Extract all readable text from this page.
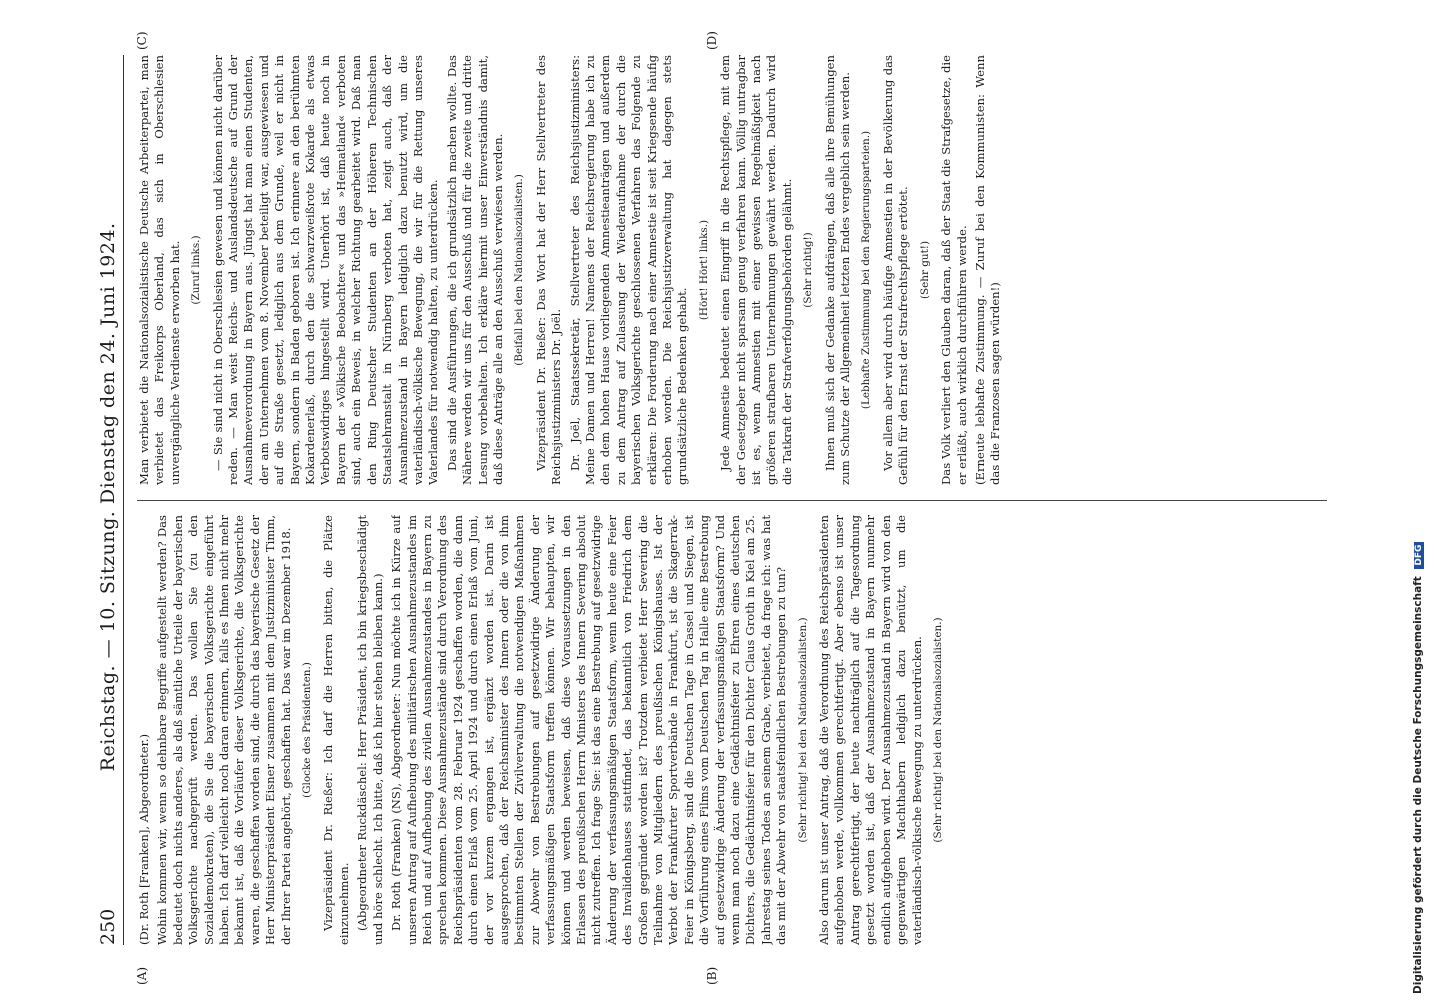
250
Reichstag. — 10. Sitzung. Dienstag den 24. Juni 1924.

(Dr. Roth [Franken], Abgeordneter.) Wohin kommen wir, wenn so dehnbare Begriffe aufgestellt werden? Das bedeutet doch nichts anderes, als daß sämtliche Urteile der bayerischen Volksgerichte nachgeprüft werden. Das wollen Sie (zu den Sozialdemokraten), die Sie die bayerischen Volksgerichte eingeführt haben. Ich darf vielleicht noch daran erinnern, falls es Ihnen nicht mehr bekannt ist, daß die Vorläufer dieser Volksgerichte, die Volksgerichte waren, die geschaffen worden sind, die durch das bayerische Gesetz der Herr Ministerpräsident Eisner zusammen mit dem Justizminister Timm, der Ihrer Partei angehört, geschaffen hat. Das war im Dezember 1918. (Glocke des Präsidenten.) Vizepräsident Dr. Rießer: Ich darf die Herren bitten, die Plätze einzunehmen. (Abgeordneter Ruckdäschel: Herr Präsident, ich bin kriegsbeschädigt und höre schlecht. Ich bitte, daß ich hier stehen bleiben kann.) Dr. Roth (Franken) (NS), Abgeordneter: Nun möchte ich in Kürze auf unseren Antrag auf Aufhebung des militärischen Ausnahmezustandes im Reich und auf Aufhebung des zivilen Ausnahmezustandes in Bayern zu sprechen kommen. Diese Ausnahmezustände sind durch Verordnung des Reichspräsidenten vom 28. Februar 1924 geschaffen worden, die dann durch einen Erlaß vom 25. April 1924 und durch einen Erlaß vom Juni, der vor kurzem ergangen ist, ergänzt worden ist. Darin ist ausgesprochen, daß der Reichsminister des Innern oder die von ihm bestimmten Stellen der Zivilverwaltung die notwendigen Maßnahmen zur Abwehr von Bestrebungen auf gesetzwidrige Änderung der verfassungsmäßigen Staatsform treffen können. Wir behaupten, wir können und werden beweisen, daß diese Voraussetzungen in den Erlassen des preußischen Herrn Ministers des Innern Severing absolut nicht zutreffen. Ich frage Sie: ist das eine Bestrebung auf gesetzwidrige Änderung der verfassungsmäßigen Staatsform, wenn heute eine Feier des Invalidenhauses stattfindet, das bekanntlich von Friedrich dem Großen gegründet worden ist? Trotzdem verbietet Herr Severing die Teilnahme von Mitgliedern des preußischen Königshauses. Ist der Verbot der Frankfurter Sportverbände in Frankfurt, ist die Skagerrak-Feier in Königsberg, sind die Deutschen Tage in Cassel und Siegen, ist die Vorführung eines Films vom Deutschen Tag in Halle eine Bestrebung auf gesetzwidrige Änderung der verfassungsmäßigen Staatsform? Und wenn man noch dazu eine Gedächtnisfeier zu Ehren eines deutschen Dichters, die Gedächtnisfeier für den Dichter Claus Groth in Kiel am 25. Jahrestag seines Todes an seinem Grabe, verbietet, da frage ich: was hat das mit der Abwehr von staatsfeindlichen Bestrebungen zu tun? (Sehr richtig! bei den Nationalsozialisten.) Also darum ist unser Antrag, daß die Verordnung des Reichspräsidenten aufgehoben werde, vollkommen gerechtfertigt. Aber ebenso ist unser Antrag gerechtfertigt, der heute nachträglich auf die Tagesordnung gesetzt worden ist, daß der Ausnahmezustand in Bayern nunmehr endlich aufgehoben wird. Der Ausnahmezustand in Bayern wird von den gegenwärtigen Machthabern lediglich dazu benützt, um die vaterländisch-völkische Bewegung zu unterdrücken. (Sehr richtig! bei den Nationalsozialisten.)

Man verbietet die Nationalsozialistische Deutsche Arbeiterpartei, man verbietet das Freikorps Oberland, das sich in Oberschlesien unvergängliche Verdienste erworben hat. (Zuruf links.) — Sie sind nicht in Oberschlesien gewesen und können nicht darüber reden. — Man weist Reichs- und Auslandsdeutsche auf Grund der Ausnahmeverordnung in Bayern aus. Jüngst hat man einen Studenten, der am Unternehmen vom 8. November beteiligt war, ausgewiesen und auf die Straße gesetzt, lediglich aus dem Grunde, weil er nicht in Bayern, sondern in Baden geboren ist. Ich erinnere an den berühmten Kokardenerlaß, durch den die schwarzweißrote Kokarde als etwas Verbotswidriges hingestellt wird. Unerhört ist, daß heute noch in Bayern der »Völkische Beobachter« und das »Heimatland« verboten sind, auch ein Beweis, in welcher Richtung gearbeitet wird. Daß man den Ring Deutscher Studenten an der Höheren Technischen Staatslehranstalt in Nürnberg verboten hat, zeigt auch, daß der Ausnahmezustand in Bayern lediglich dazu benutzt wird, um die vaterländisch-völkische Bewegung, die wir für die Rettung unseres Vaterlandes für notwendig halten, zu unterdrücken. Das sind die Ausführungen, die ich grundsätzlich machen wollte. Das Nähere werden wir uns für den Ausschuß und für die zweite und dritte Lesung vorbehalten. Ich erkläre hiermit unser Einverständnis damit, daß diese Anträge alle an den Ausschuß verwiesen werden. (Beifall bei den Nationalsozialisten.) Vizepräsident Dr. Rießer: Das Wort hat der Herr Stellvertreter des Reichsjustizministers Dr. Joël. Dr. Joël, Staatssekretär, Stellvertreter des Reichsjustizministers: Meine Damen und Herren! Namens der Reichsregierung habe ich zu den dem hohen Hause vorliegenden Amnestieanträgen und außerdem zu dem Antrag auf Zulassung der Wiederaufnahme der durch die bayerischen Volksgerichte geschlossenen Verfahren das Folgende zu erklären: Die Forderung nach einer Amnestie ist seit Kriegsende häufig erhoben worden. Die Reichsjustizverwaltung hat dagegen stets grundsätzliche Bedenken gehabt.

(Hört! Hört! links.) Jede Amnestie bedeutet einen Eingriff in die Rechtspflege, mit dem der Gesetzgeber nicht sparsam genug verfahren kann. Völlig untragbar ist es, wenn Amnestien mit einer gewissen Regelmäßigkeit nach größeren strafbaren Unternehmungen gewährt werden. Dadurch wird die Tatkraft der Strafverfolgungsbehörden gelähmt. (Sehr richtig!) Ihnen muß sich der Gedanke aufdrängen, daß alle ihre Bemühungen zum Schutze der Allgemeinheit letzten Endes vergeblich sein werden. (Lebhafte Zustimmung bei den Regierungsparteien.) Vor allem aber wird durch häufige Amnestien in der Bevölkerung das Gefühl für den Ernst der Strafrechtspflege ertötet. (Sehr gut!) Das Volk verliert den Glauben daran, daß der Staat die Strafgesetze, die er erläßt, auch wirklich durchführen werde. (Erneute lebhafte Zustimmung. — Zuruf bei den Kommunisten: Wenn das die Franzosen sagen würden!)

(A)	(B)
(C)	(D)
Digitalisierung gefördert durch die Deutsche Forschungsgemeinschaft DFG
